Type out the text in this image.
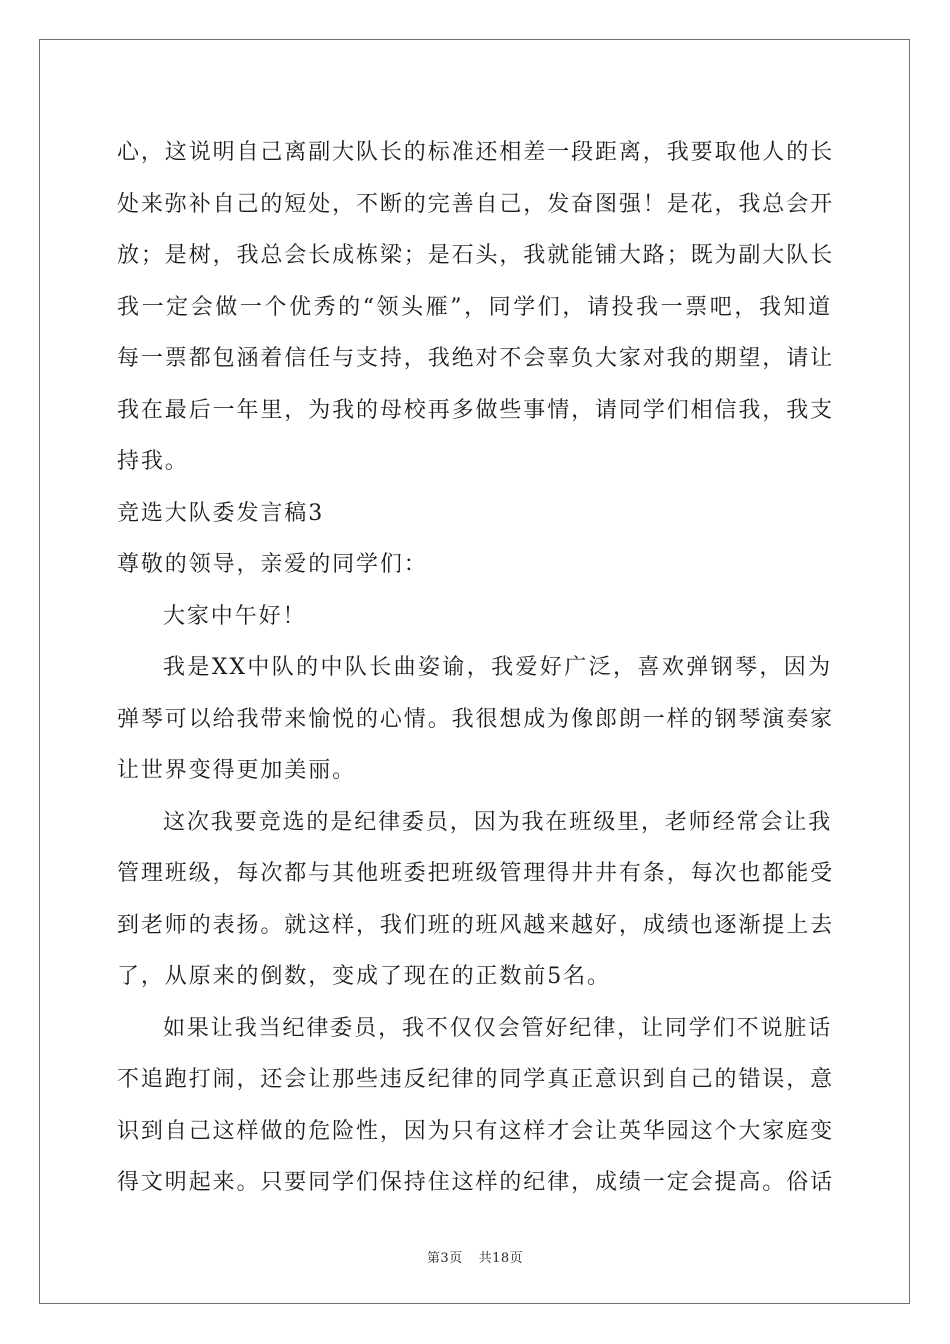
心，这说明自己离副大队长的标准还相差一段距离，我要取他人的长
处来弥补自己的短处，不断的完善自己，发奋图强！是花，我总会开
放；是树，我总会长成栋梁；是石头，我就能铺大路；既为副大队长
我一定会做一个优秀的“领头雁”，同学们，请投我一票吧，我知道
每一票都包涵着信任与支持，我绝对不会辜负大家对我的期望，请让
我在最后一年里，为我的母校再多做些事情，请同学们相信我，我支
持我。
竞选大队委发言稿3
尊敬的领导，亲爱的同学们：
大家中午好！
我是XX中队的中队长曲姿谕，我爱好广泛，喜欢弹钢琴，因为
弹琴可以给我带来愉悦的心情。我很想成为像郎朗一样的钢琴演奏家
让世界变得更加美丽。
这次我要竞选的是纪律委员，因为我在班级里，老师经常会让我
管理班级，每次都与其他班委把班级管理得井井有条，每次也都能受
到老师的表扬。就这样，我们班的班风越来越好，成绩也逐渐提上去
了，从原来的倒数，变成了现在的正数前5名。
如果让我当纪律委员，我不仅仅会管好纪律，让同学们不说脏话
不追跑打闹，还会让那些违反纪律的同学真正意识到自己的错误，意
识到自己这样做的危险性，因为只有这样才会让英华园这个大家庭变
得文明起来。只要同学们保持住这样的纪律，成绩一定会提高。俗话
第3页 共18页
